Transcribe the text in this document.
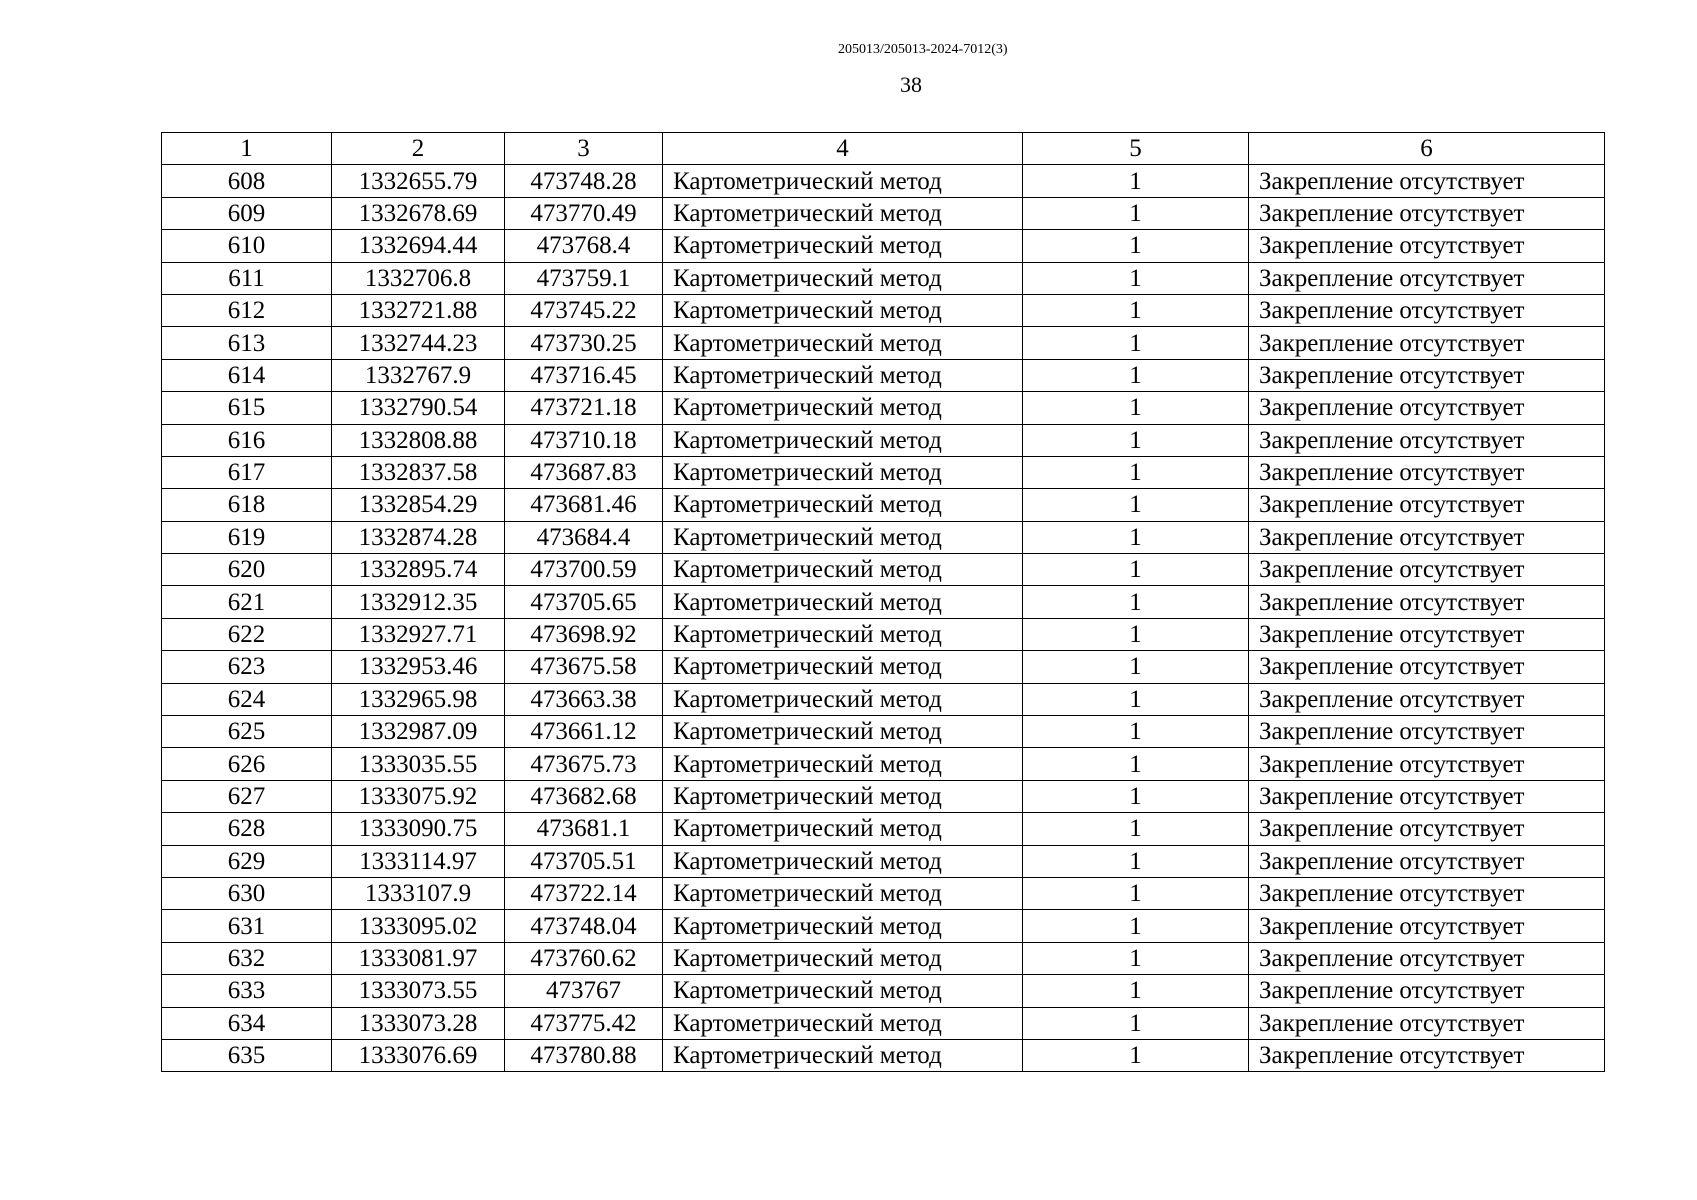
205013/205013-2024-7012(3)
38
1	2	3	4	5	6
608	1332655.79	473748.28	Картометрический метод	1	Закрепление отсутствует
609	1332678.69	473770.49	Картометрический метод	1	Закрепление отсутствует
610	1332694.44	473768.4	Картометрический метод	1	Закрепление отсутствует
611	1332706.8	473759.1	Картометрический метод	1	Закрепление отсутствует
612	1332721.88	473745.22	Картометрический метод	1	Закрепление отсутствует
613	1332744.23	473730.25	Картометрический метод	1	Закрепление отсутствует
614	1332767.9	473716.45	Картометрический метод	1	Закрепление отсутствует
615	1332790.54	473721.18	Картометрический метод	1	Закрепление отсутствует
616	1332808.88	473710.18	Картометрический метод	1	Закрепление отсутствует
617	1332837.58	473687.83	Картометрический метод	1	Закрепление отсутствует
618	1332854.29	473681.46	Картометрический метод	1	Закрепление отсутствует
619	1332874.28	473684.4	Картометрический метод	1	Закрепление отсутствует
620	1332895.74	473700.59	Картометрический метод	1	Закрепление отсутствует
621	1332912.35	473705.65	Картометрический метод	1	Закрепление отсутствует
622	1332927.71	473698.92	Картометрический метод	1	Закрепление отсутствует
623	1332953.46	473675.58	Картометрический метод	1	Закрепление отсутствует
624	1332965.98	473663.38	Картометрический метод	1	Закрепление отсутствует
625	1332987.09	473661.12	Картометрический метод	1	Закрепление отсутствует
626	1333035.55	473675.73	Картометрический метод	1	Закрепление отсутствует
627	1333075.92	473682.68	Картометрический метод	1	Закрепление отсутствует
628	1333090.75	473681.1	Картометрический метод	1	Закрепление отсутствует
629	1333114.97	473705.51	Картометрический метод	1	Закрепление отсутствует
630	1333107.9	473722.14	Картометрический метод	1	Закрепление отсутствует
631	1333095.02	473748.04	Картометрический метод	1	Закрепление отсутствует
632	1333081.97	473760.62	Картометрический метод	1	Закрепление отсутствует
633	1333073.55	473767	Картометрический метод	1	Закрепление отсутствует
634	1333073.28	473775.42	Картометрический метод	1	Закрепление отсутствует
635	1333076.69	473780.88	Картометрический метод	1	Закрепление отсутствует
